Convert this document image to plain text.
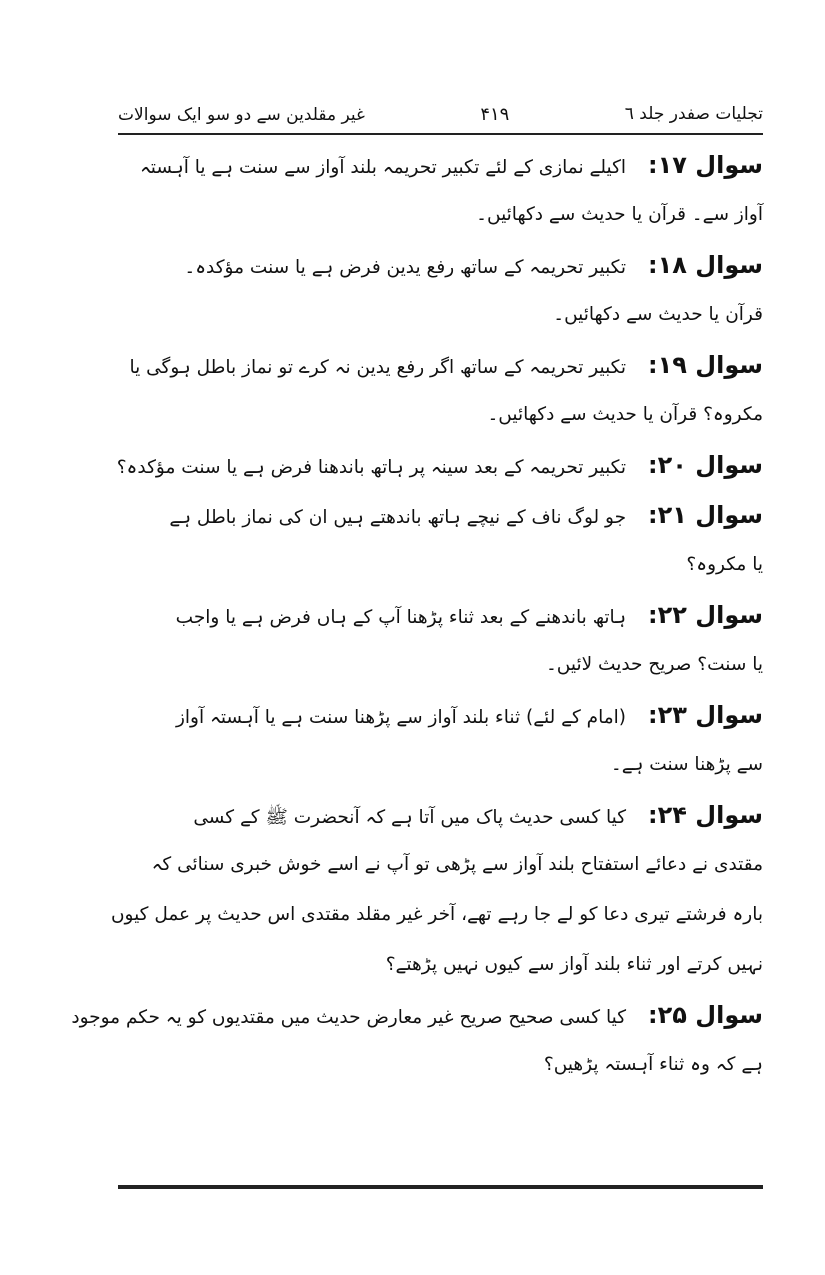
تجلیات صفدر جلد ٦
۴۱۹
غیر مقلدین سے دو سو ایک سوالات
سوال ۱۷:اکیلے نمازی کے لئے تکبیر تحریمہ بلند آواز سے سنت ہے یا آہستہ
آواز سے۔ قرآن یا حدیث سے دکھائیں۔
سوال ۱۸:تکبیر تحریمہ کے ساتھ رفع یدین فرض ہے یا سنت مؤکدہ۔
قرآن یا حدیث سے دکھائیں۔
سوال ۱۹:تکبیر تحریمہ کے ساتھ اگر رفع یدین نہ کرے تو نماز باطل ہوگی یا
مکروہ؟ قرآن یا حدیث سے دکھائیں۔
سوال ۲۰:تکبیر تحریمہ کے بعد سینہ پر ہاتھ باندھنا فرض ہے یا سنت مؤکدہ؟
سوال ۲۱:جو لوگ ناف کے نیچے ہاتھ باندھتے ہیں ان کی نماز باطل ہے
یا مکروہ؟
سوال ۲۲:ہاتھ باندھنے کے بعد ثناء پڑھنا آپ کے ہاں فرض ہے یا واجب
یا سنت؟ صریح حدیث لائیں۔
سوال ۲۳:(امام کے لئے) ثناء بلند آواز سے پڑھنا سنت ہے یا آہستہ آواز
سے پڑھنا سنت ہے۔
سوال ۲۴:کیا کسی حدیث پاک میں آتا ہے کہ آنحضرت ﷺ کے کسی
مقتدی نے دعائے استفتاح بلند آواز سے پڑھی تو آپ نے اسے خوش خبری سنائی کہ
بارہ فرشتے تیری دعا کو لے جا رہے تھے، آخر غیر مقلد مقتدی اس حدیث پر عمل کیوں
نہیں کرتے اور ثناء بلند آواز سے کیوں نہیں پڑھتے؟
سوال ۲۵:کیا کسی صحیح صریح غیر معارض حدیث میں مقتدیوں کو یہ حکم موجود
ہے کہ وہ ثناء آہستہ پڑھیں؟
